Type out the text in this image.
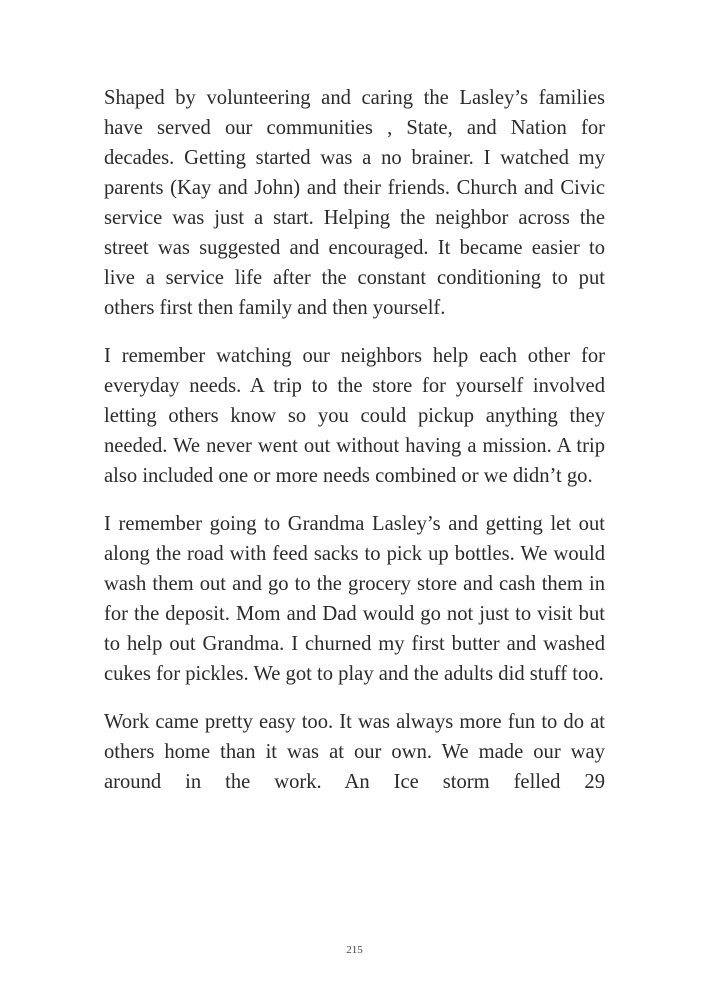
Shaped by volunteering and caring the Lasley’s families have served our communities , State, and Nation for decades. Getting started was a no brainer. I watched my parents (Kay and John) and their friends. Church and Civic service was just a start. Helping the neighbor across the street was suggested and encouraged. It became easier to live a service life after the constant conditioning to put others first then family and then yourself.

I remember watching our neighbors help each other for everyday needs. A trip to the store for yourself involved letting others know so you could pickup anything they needed. We never went out without having a mission. A trip also included one or more needs combined or we didn’t go.

I remember going to Grandma Lasley’s and getting let out along the road with feed sacks to pick up bottles. We would wash them out and go to the grocery store and cash them in for the deposit. Mom and Dad would go not just to visit but to help out Grandma. I churned my first butter and washed cukes for pickles. We got to play and the adults did stuff too.

Work came pretty easy too. It was always more fun to do at others home than it was at our own. We made our way around in the work. An Ice storm felled 29

215
